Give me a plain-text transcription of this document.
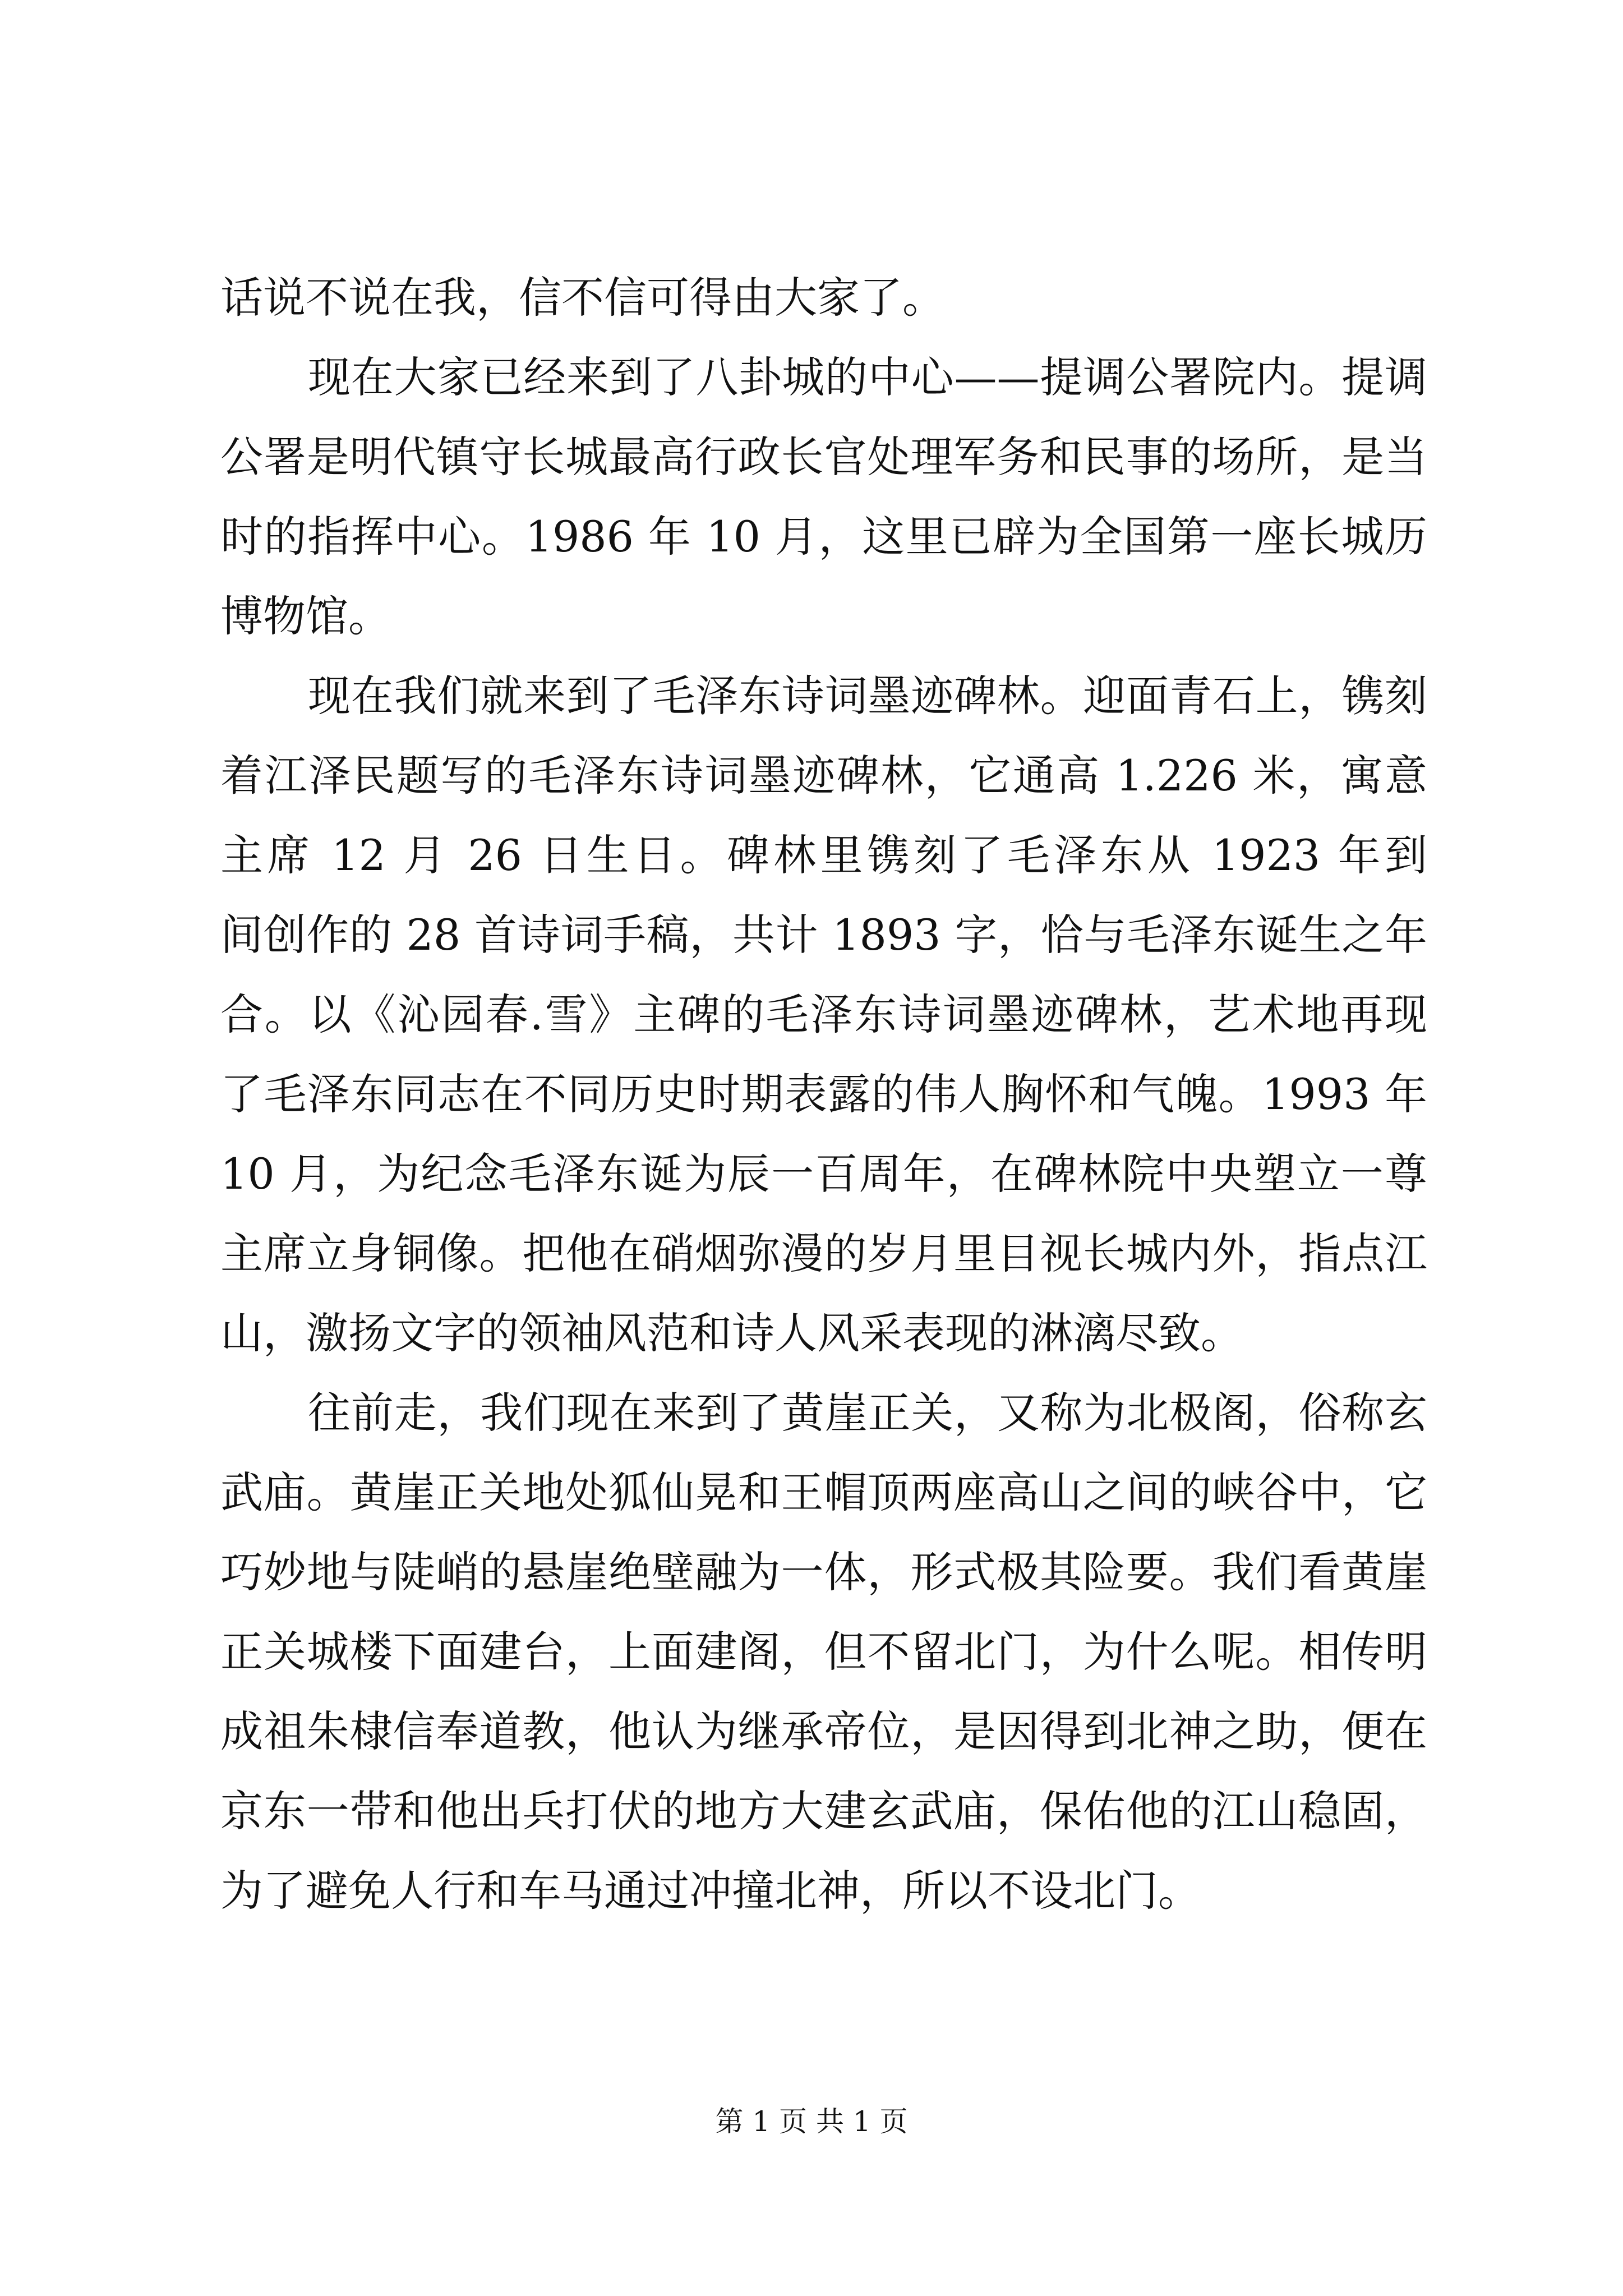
话说不说在我，信不信可得由大家了。
现在大家已经来到了八卦城的中心——提调公署院内。提调
公署是明代镇守长城最高行政长官处理军务和民事的场所，是当
时的指挥中心。1986 年 10 月，这里已辟为全国第一座长城历
博物馆。
现在我们就来到了毛泽东诗词墨迹碑林。迎面青石上，镌刻
着江泽民题写的毛泽东诗词墨迹碑林，它通高 1.226 米，寓意
主席 12 月 26 日生日。碑林里镌刻了毛泽东从 1923 年到
间创作的 28 首诗词手稿，共计 1893 字，恰与毛泽东诞生之年
合。以《沁园春.雪》主碑的毛泽东诗词墨迹碑林，艺术地再现
了毛泽东同志在不同历史时期表露的伟人胸怀和气魄。1993 年
10 月，为纪念毛泽东诞为辰一百周年，在碑林院中央塑立一尊
主席立身铜像。把他在硝烟弥漫的岁月里目视长城内外，指点江
山，激扬文字的领袖风范和诗人风采表现的淋漓尽致。
往前走，我们现在来到了黄崖正关，又称为北极阁，俗称玄
武庙。黄崖正关地处狐仙晃和王帽顶两座高山之间的峡谷中，它
巧妙地与陡峭的悬崖绝壁融为一体，形式极其险要。我们看黄崖
正关城楼下面建台，上面建阁，但不留北门，为什么呢。相传明
成祖朱棣信奉道教，他认为继承帝位，是因得到北神之助，便在
京东一带和他出兵打伏的地方大建玄武庙，保佑他的江山稳固，
为了避免人行和车马通过冲撞北神，所以不设北门。
第 1 页 共 1 页
